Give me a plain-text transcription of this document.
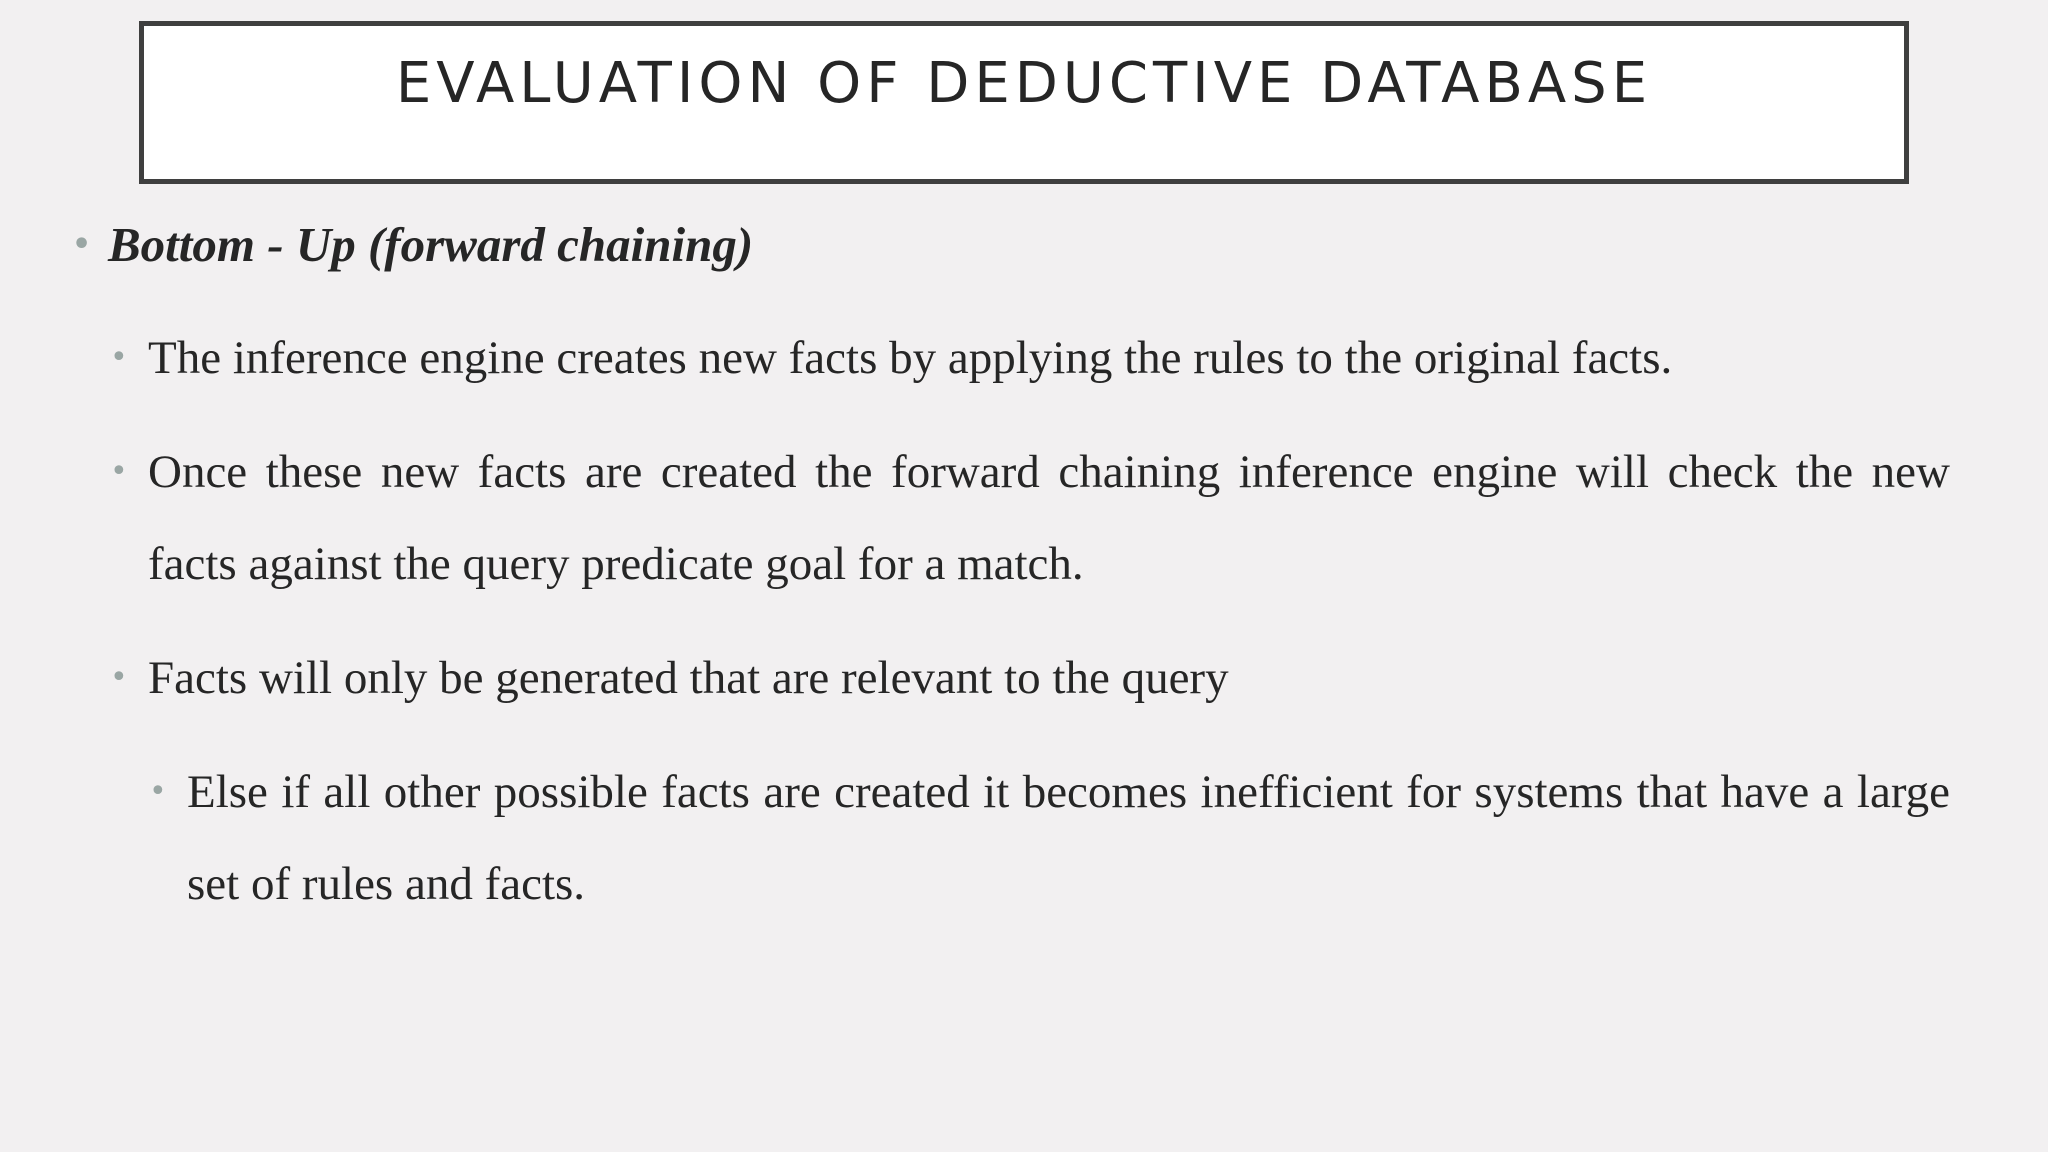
EVALUATION OF DEDUCTIVE DATABASE
• Bottom - Up (forward chaining)
• The inference engine creates new facts by applying the rules to the original facts.
• Once these new facts are created the forward chaining inference engine will check the new facts against the query predicate goal for a match.
• Facts will only be generated that are relevant to the query
• Else if all other possible facts are created it becomes inefficient for systems that have a large set of rules and facts.
